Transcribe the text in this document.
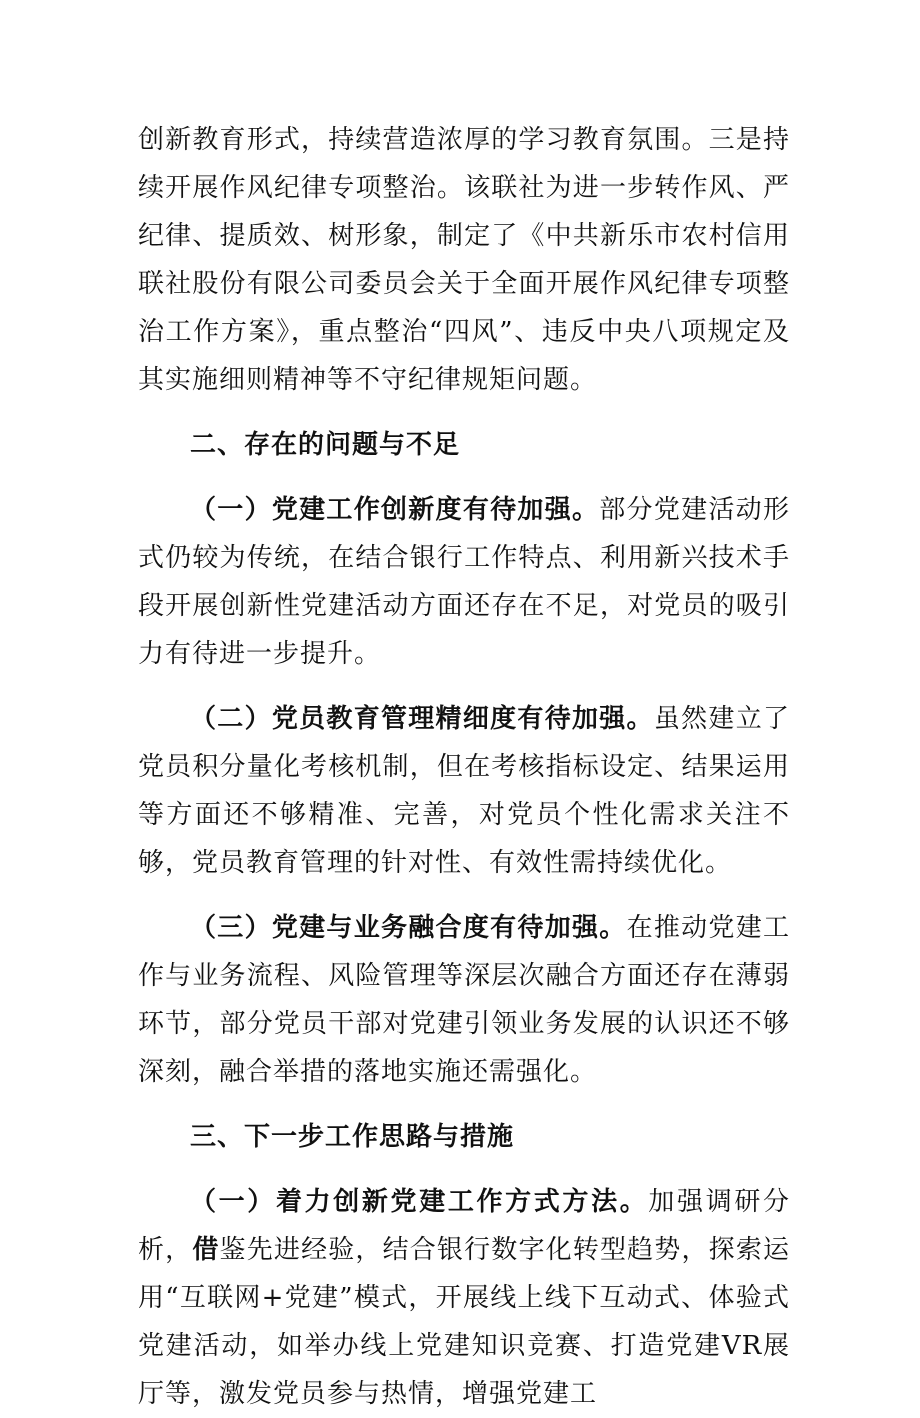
创新教育形式，持续营造浓厚的学习教育氛围。三是持续开展作风纪律专项整治。该联社为进一步转作风、严纪律、提质效、树形象，制定了《中共新乐市农村信用联社股份有限公司委员会关于全面开展作风纪律专项整治工作方案》，重点整治“四风”、违反中央八项规定及其实施细则精神等不守纪律规矩问题。

二、存在的问题与不足

（一）党建工作创新度有待加强。部分党建活动形式仍较为传统，在结合银行工作特点、利用新兴技术手段开展创新性党建活动方面还存在不足，对党员的吸引力有待进一步提升。

（二）党员教育管理精细度有待加强。虽然建立了党员积分量化考核机制，但在考核指标设定、结果运用等方面还不够精准、完善，对党员个性化需求关注不够，党员教育管理的针对性、有效性需持续优化。

（三）党建与业务融合度有待加强。在推动党建工作与业务流程、风险管理等深层次融合方面还存在薄弱环节，部分党员干部对党建引领业务发展的认识还不够深刻，融合举措的落地实施还需强化。

三、下一步工作思路与措施

（一）着力创新党建工作方式方法。加强调研分析，借鉴先进经验，结合银行数字化转型趋势，探索运用“互联网+党建”模式，开展线上线下互动式、体验式党建活动，如举办线上党建知识竞赛、打造党建VR展厅等，激发党员参与热情，增强党建工
